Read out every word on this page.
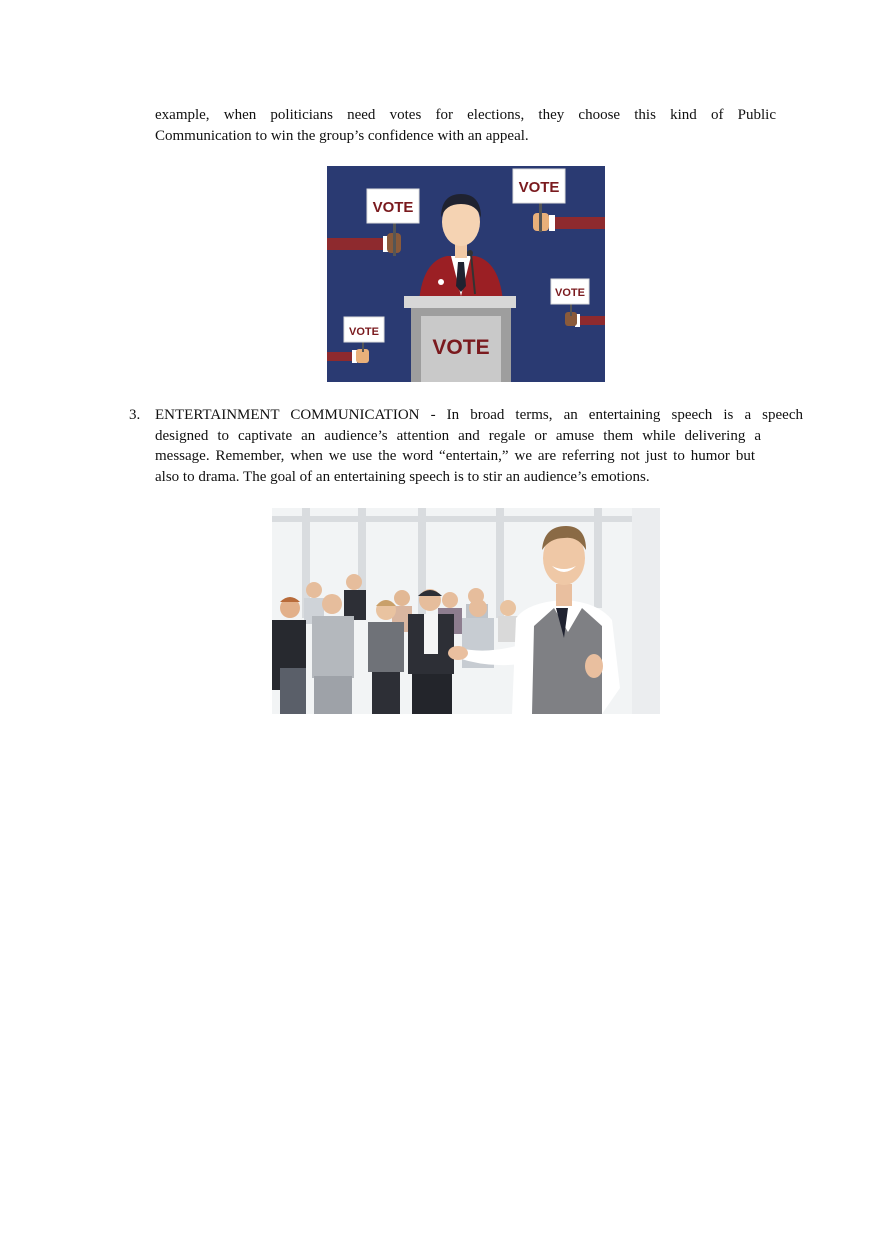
example, when politicians need votes for elections, they choose this kind of Public
Communication to win the group’s confidence with an appeal.
VOTE
VOTE
VOTE
VOTE
VOTE
3. ENTERTAINMENT COMMUNICATION - In broad terms, an entertaining speech is a speech
designed to captivate an audience’s attention and regale or amuse them while delivering a
message. Remember, when we use the word “entertain,” we are referring not just to humor but
also to drama. The goal of an entertaining speech is to stir an audience’s emotions.
